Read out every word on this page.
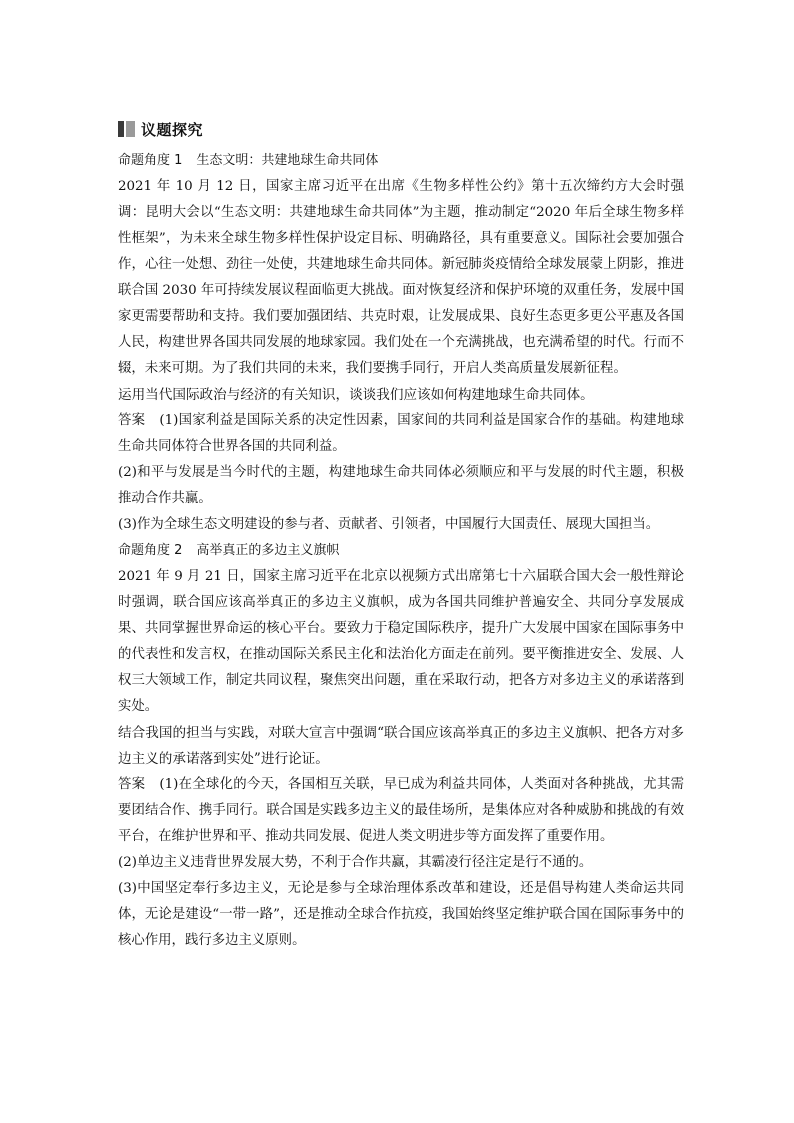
议题探究
命题角度 1 生态文明：共建地球生命共同体
2021 年 10 月 12 日，国家主席习近平在出席《生物多样性公约》第十五次缔约方大会时强调：昆明大会以“生态文明：共建地球生命共同体”为主题，推动制定“2020 年后全球生物多样性框架”，为未来全球生物多样性保护设定目标、明确路径，具有重要意义。国际社会要加强合作，心往一处想、劲往一处使，共建地球生命共同体。新冠肺炎疫情给全球发展蒙上阴影，推进联合国 2030 年可持续发展议程面临更大挑战。面对恢复经济和保护环境的双重任务，发展中国家更需要帮助和支持。我们要加强团结、共克时艰，让发展成果、良好生态更多更公平惠及各国人民，构建世界各国共同发展的地球家园。我们处在一个充满挑战，也充满希望的时代。行而不辍，未来可期。为了我们共同的未来，我们要携手同行，开启人类高质量发展新征程。
运用当代国际政治与经济的有关知识，谈谈我们应该如何构建地球生命共同体。
答案 (1)国家利益是国际关系的决定性因素，国家间的共同利益是国家合作的基础。构建地球生命共同体符合世界各国的共同利益。
(2)和平与发展是当今时代的主题，构建地球生命共同体必须顺应和平与发展的时代主题，积极推动合作共赢。
(3)作为全球生态文明建设的参与者、贡献者、引领者，中国履行大国责任、展现大国担当。
命题角度 2 高举真正的多边主义旗帜
2021 年 9 月 21 日，国家主席习近平在北京以视频方式出席第七十六届联合国大会一般性辩论时强调，联合国应该高举真正的多边主义旗帜，成为各国共同维护普遍安全、共同分享发展成果、共同掌握世界命运的核心平台。要致力于稳定国际秩序，提升广大发展中国家在国际事务中的代表性和发言权，在推动国际关系民主化和法治化方面走在前列。要平衡推进安全、发展、人权三大领域工作，制定共同议程，聚焦突出问题，重在采取行动，把各方对多边主义的承诺落到实处。
结合我国的担当与实践，对联大宣言中强调“联合国应该高举真正的多边主义旗帜、把各方对多边主义的承诺落到实处”进行论证。
答案 (1)在全球化的今天，各国相互关联，早已成为利益共同体，人类面对各种挑战，尤其需要团结合作、携手同行。联合国是实践多边主义的最佳场所，是集体应对各种威胁和挑战的有效平台，在维护世界和平、推动共同发展、促进人类文明进步等方面发挥了重要作用。
(2)单边主义违背世界发展大势，不利于合作共赢，其霸凌行径注定是行不通的。
(3)中国坚定奉行多边主义，无论是参与全球治理体系改革和建设，还是倡导构建人类命运共同体，无论是建设“一带一路”，还是推动全球合作抗疫，我国始终坚定维护联合国在国际事务中的核心作用，践行多边主义原则。
